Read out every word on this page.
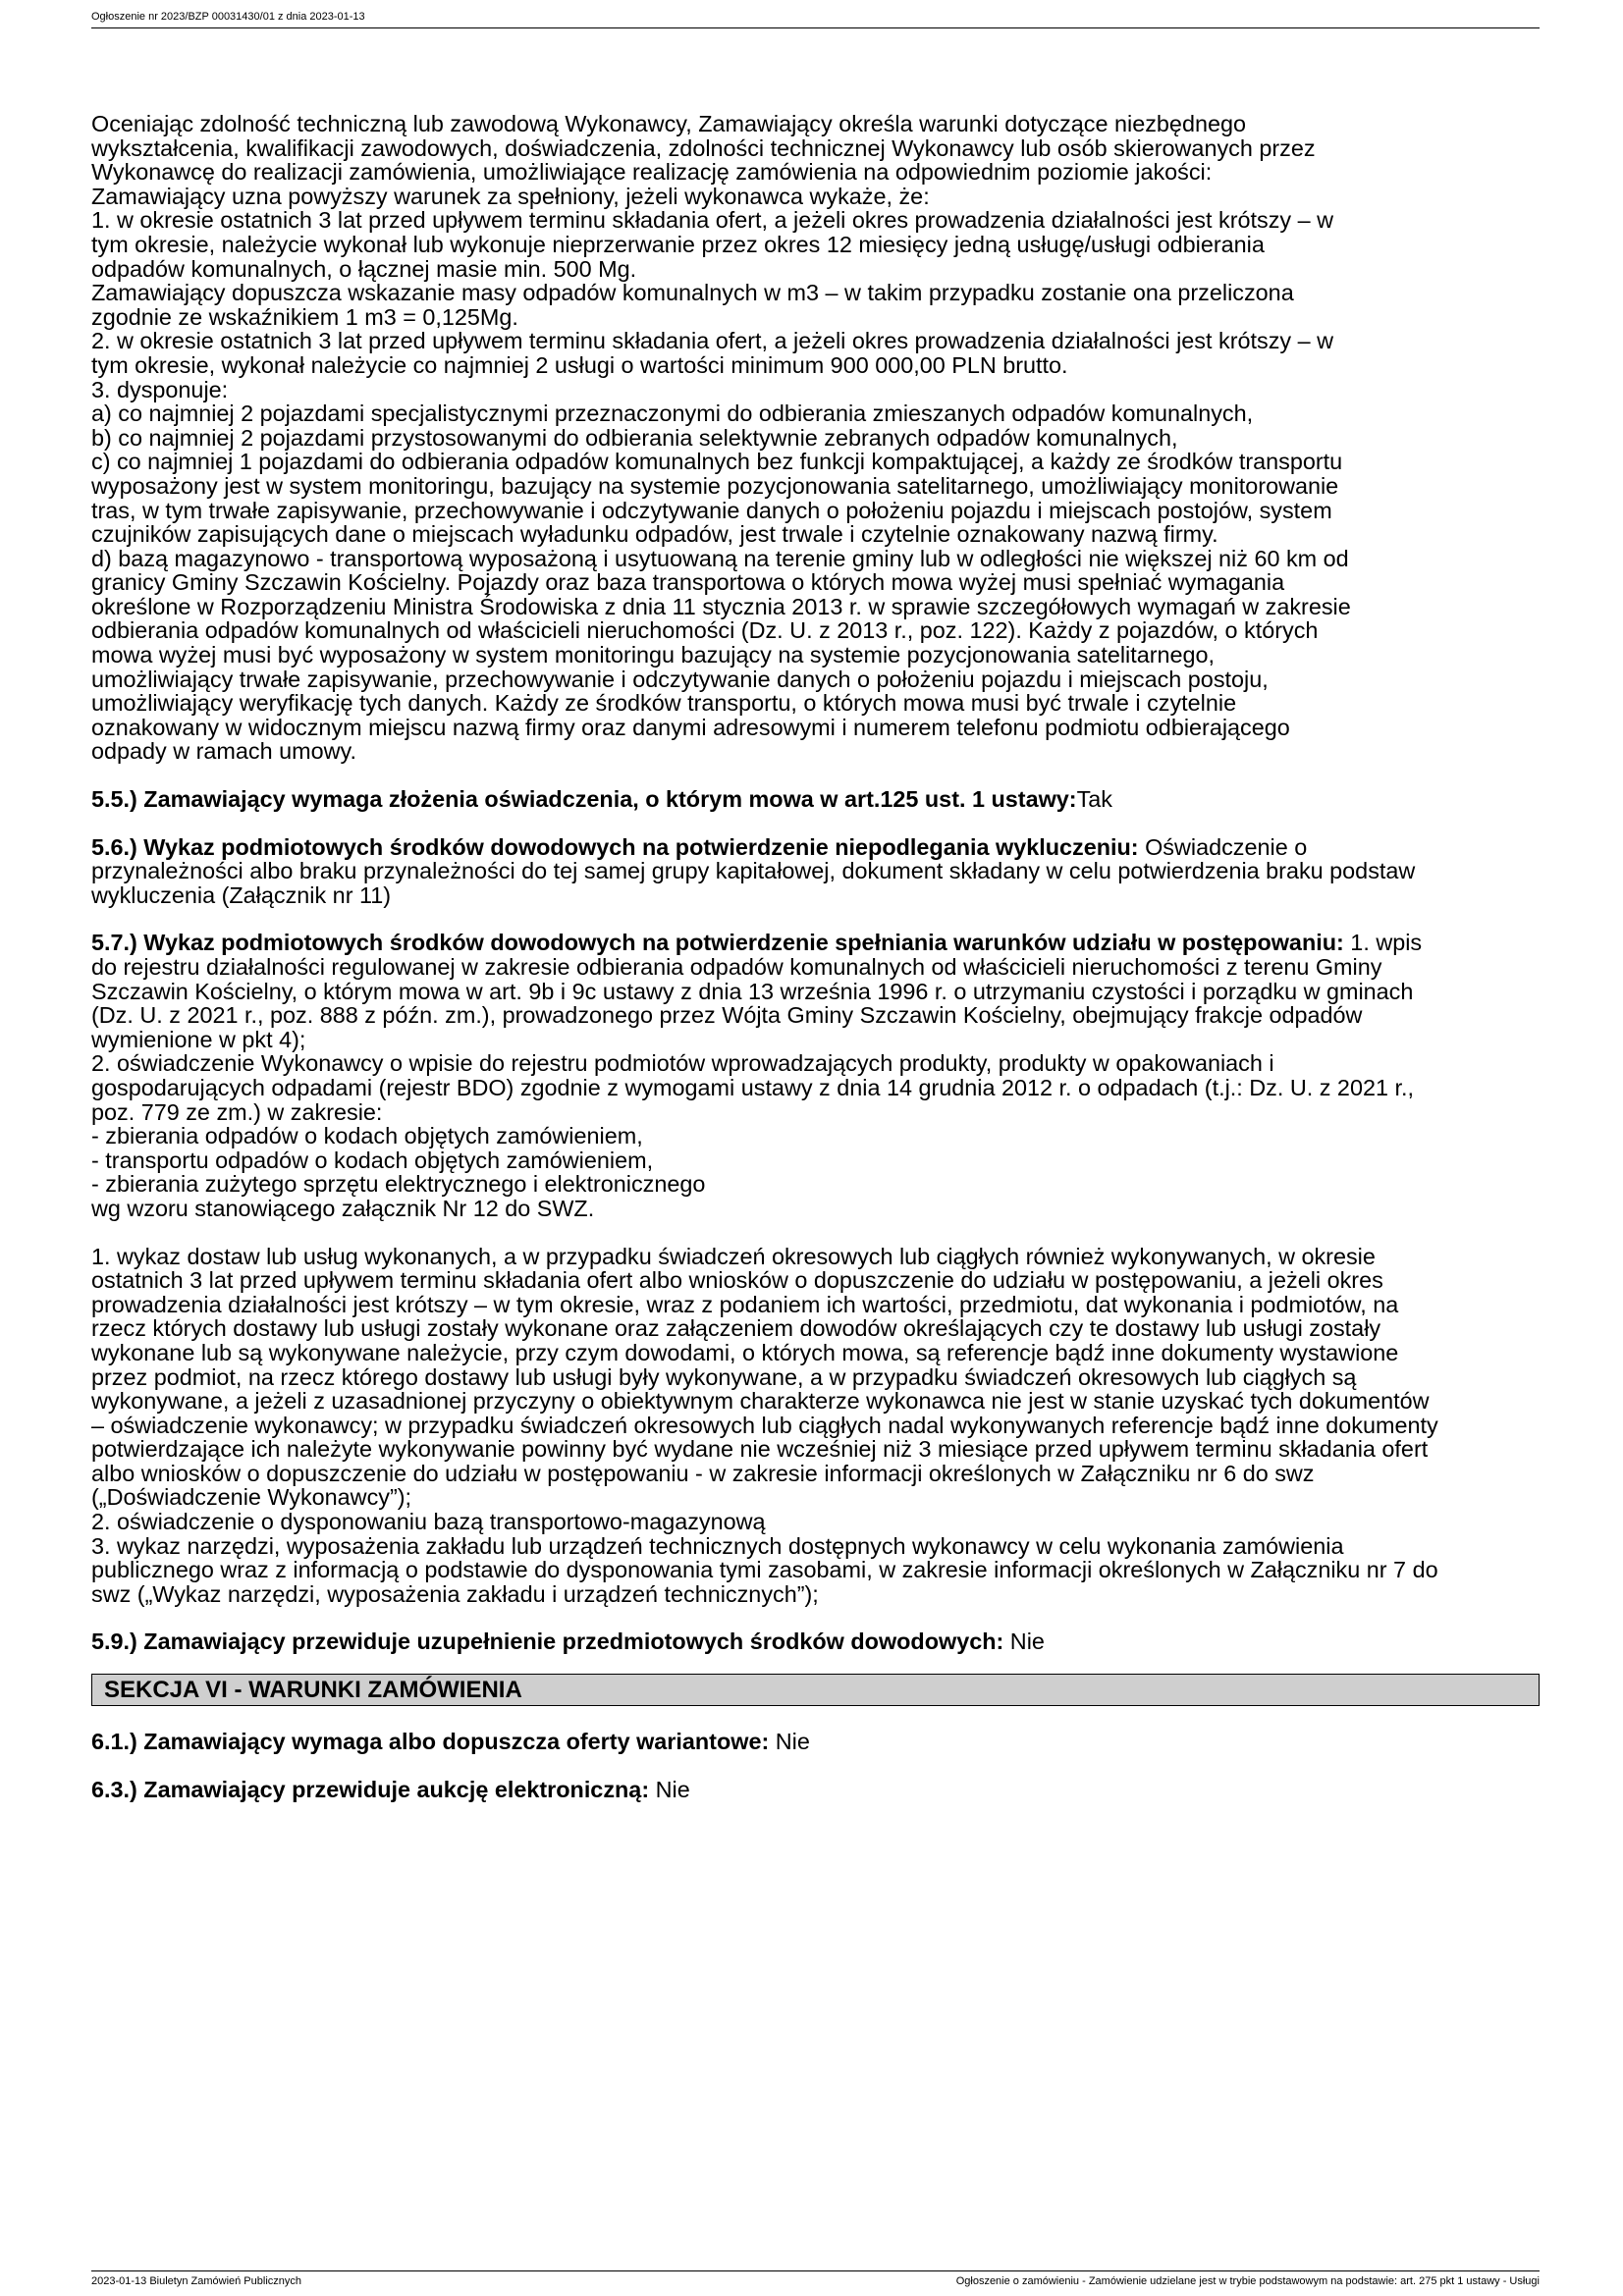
Ogłoszenie nr 2023/BZP 00031430/01 z dnia 2023-01-13
Oceniając zdolność techniczną lub zawodową Wykonawcy, Zamawiający określa warunki dotyczące niezbędnego
wykształcenia, kwalifikacji zawodowych, doświadczenia, zdolności technicznej Wykonawcy lub osób skierowanych przez
Wykonawcę do realizacji zamówienia, umożliwiające realizację zamówienia na odpowiednim poziomie jakości:
Zamawiający uzna powyższy warunek za spełniony, jeżeli wykonawca wykaże, że:
1. w okresie ostatnich 3 lat przed upływem terminu składania ofert, a jeżeli okres prowadzenia działalności jest krótszy – w
tym okresie, należycie wykonał lub wykonuje nieprzerwanie przez okres 12 miesięcy jedną usługę/usługi odbierania
odpadów komunalnych, o łącznej masie min. 500 Mg.
Zamawiający dopuszcza wskazanie masy odpadów komunalnych w m3 – w takim przypadku zostanie ona przeliczona
zgodnie ze wskaźnikiem 1 m3 = 0,125Mg.
2. w okresie ostatnich 3 lat przed upływem terminu składania ofert, a jeżeli okres prowadzenia działalności jest krótszy – w
tym okresie, wykonał należycie co najmniej 2 usługi o wartości minimum 900 000,00 PLN brutto.
3. dysponuje:
a) co najmniej 2 pojazdami specjalistycznymi przeznaczonymi do odbierania zmieszanych odpadów komunalnych,
b) co najmniej 2 pojazdami przystosowanymi do odbierania selektywnie zebranych odpadów komunalnych,
c) co najmniej 1 pojazdami do odbierania odpadów komunalnych bez funkcji kompaktującej, a każdy ze środków transportu
wyposażony jest w system monitoringu, bazujący na systemie pozycjonowania satelitarnego, umożliwiający monitorowanie
tras, w tym trwałe zapisywanie, przechowywanie i odczytywanie danych o położeniu pojazdu i miejscach postojów, system
czujników zapisujących dane o miejscach wyładunku odpadów, jest trwale i czytelnie oznakowany nazwą firmy.
d) bazą magazynowo - transportową wyposażoną i usytuowaną na terenie gminy lub w odległości nie większej niż 60 km od
granicy Gminy Szczawin Kościelny. Pojazdy oraz baza transportowa o których mowa wyżej musi spełniać wymagania
określone w Rozporządzeniu Ministra Środowiska z dnia 11 stycznia 2013 r. w sprawie szczegółowych wymagań w zakresie
odbierania odpadów komunalnych od właścicieli nieruchomości (Dz. U. z 2013 r., poz. 122). Każdy z pojazdów, o których
mowa wyżej musi być wyposażony w system monitoringu bazujący na systemie pozycjonowania satelitarnego,
umożliwiający trwałe zapisywanie, przechowywanie i odczytywanie danych o położeniu pojazdu i miejscach postoju,
umożliwiający weryfikację tych danych. Każdy ze środków transportu, o których mowa musi być trwale i czytelnie
oznakowany w widocznym miejscu nazwą firmy oraz danymi adresowymi i numerem telefonu podmiotu odbierającego
odpady w ramach umowy.

5.5.) Zamawiający wymaga złożenia oświadczenia, o którym mowa w art.125 ust. 1 ustawy:Tak

5.6.) Wykaz podmiotowych środków dowodowych na potwierdzenie niepodlegania wykluczeniu: Oświadczenie o
przynależności albo braku przynależności do tej samej grupy kapitałowej, dokument składany w celu potwierdzenia braku podstaw
wykluczenia (Załącznik nr 11)
5.7.) Wykaz podmiotowych środków dowodowych na potwierdzenie spełniania warunków udziału w postępowaniu: 1. wpis
do rejestru działalności regulowanej w zakresie odbierania odpadów komunalnych od właścicieli nieruchomości z terenu Gminy
Szczawin Kościelny, o którym mowa w art. 9b i 9c ustawy z dnia 13 września 1996 r. o utrzymaniu czystości i porządku w gminach
(Dz. U. z 2021 r., poz. 888 z późn. zm.), prowadzonego przez Wójta Gminy Szczawin Kościelny, obejmujący frakcje odpadów
wymienione w pkt 4);
2. oświadczenie Wykonawcy o wpisie do rejestru podmiotów wprowadzających produkty, produkty w opakowaniach i
gospodarujących odpadami (rejestr BDO) zgodnie z wymogami ustawy z dnia 14 grudnia 2012 r. o odpadach (t.j.: Dz. U. z 2021 r.,
poz. 779 ze zm.) w zakresie:
- zbierania odpadów o kodach objętych zamówieniem,
- transportu odpadów o kodach objętych zamówieniem,
- zbierania zużytego sprzętu elektrycznego i elektronicznego
wg wzoru stanowiącego załącznik Nr 12 do SWZ.
1. wykaz dostaw lub usług wykonanych, a w przypadku świadczeń okresowych lub ciągłych również wykonywanych, w okresie
ostatnich 3 lat przed upływem terminu składania ofert albo wniosków o dopuszczenie do udziału w postępowaniu, a jeżeli okres
prowadzenia działalności jest krótszy – w tym okresie, wraz z podaniem ich wartości, przedmiotu, dat wykonania i podmiotów, na
rzecz których dostawy lub usługi zostały wykonane oraz załączeniem dowodów określających czy te dostawy lub usługi zostały
wykonane lub są wykonywane należycie, przy czym dowodami, o których mowa, są referencje bądź inne dokumenty wystawione
przez podmiot, na rzecz którego dostawy lub usługi były wykonywane, a w przypadku świadczeń okresowych lub ciągłych są
wykonywane, a jeżeli z uzasadnionej przyczyny o obiektywnym charakterze wykonawca nie jest w stanie uzyskać tych dokumentów
– oświadczenie wykonawcy; w przypadku świadczeń okresowych lub ciągłych nadal wykonywanych referencje bądź inne dokumenty
potwierdzające ich należyte wykonywanie powinny być wydane nie wcześniej niż 3 miesiące przed upływem terminu składania ofert
albo wniosków o dopuszczenie do udziału w postępowaniu - w zakresie informacji określonych w Załączniku nr 6 do swz
(„Doświadczenie Wykonawcy”);
2. oświadczenie o dysponowaniu bazą transportowo-magazynową
3. wykaz narzędzi, wyposażenia zakładu lub urządzeń technicznych dostępnych wykonawcy w celu wykonania zamówienia
publicznego wraz z informacją o podstawie do dysponowania tymi zasobami, w zakresie informacji określonych w Załączniku nr 7 do
swz („Wykaz narzędzi, wyposażenia zakładu i urządzeń technicznych”);

5.9.) Zamawiający przewiduje uzupełnienie przedmiotowych środków dowodowych: Nie

SEKCJA VI - WARUNKI ZAMÓWIENIA

6.1.) Zamawiający wymaga albo dopuszcza oferty wariantowe: Nie

6.3.) Zamawiający przewiduje aukcję elektroniczną: Nie

2023-01-13 Biuletyn Zamówień Publicznych	Ogłoszenie o zamówieniu - Zamówienie udzielane jest w trybie podstawowym na podstawie: art. 275 pkt 1 ustawy - Usługi
